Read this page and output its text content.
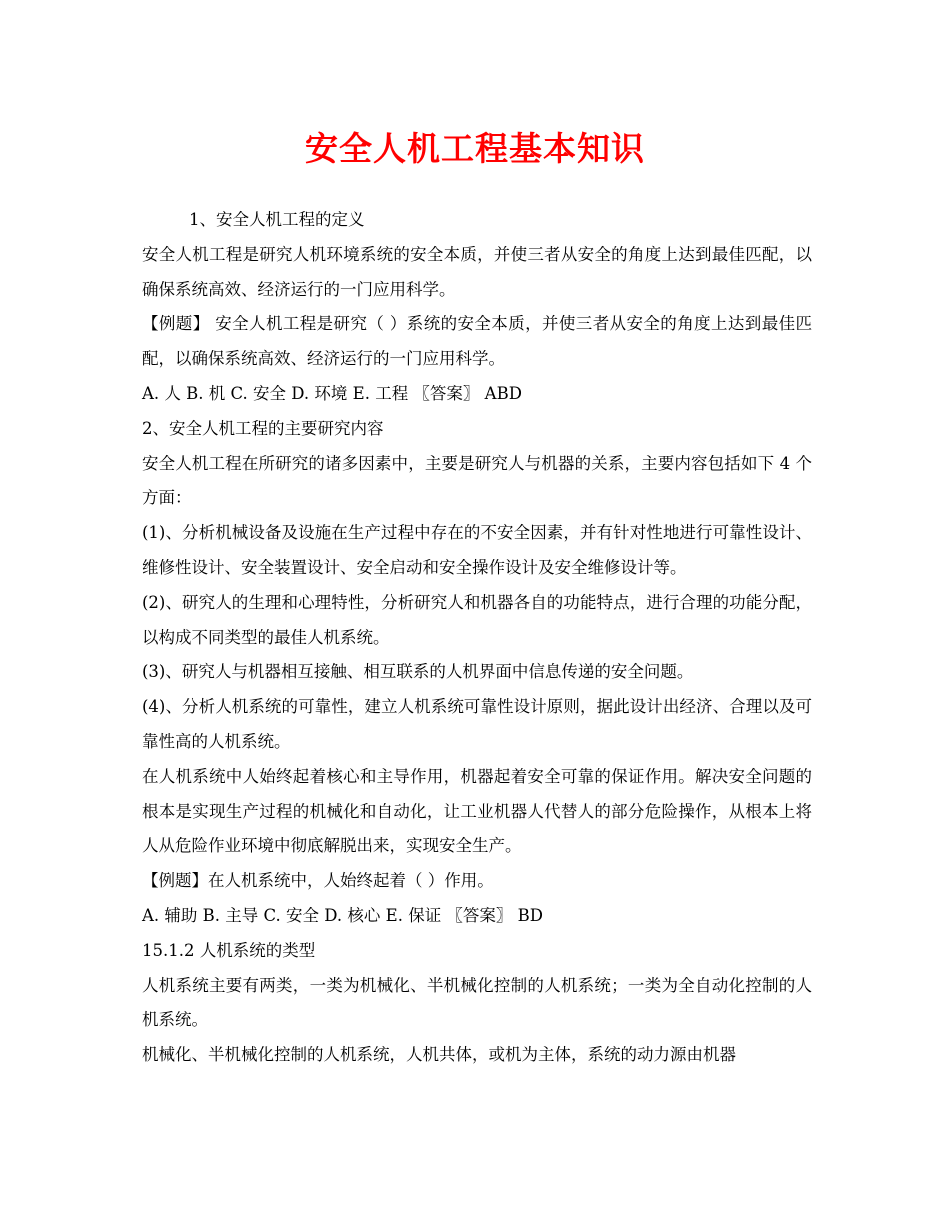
安全人机工程基本知识

1、安全人机工程的定义

安全人机工程是研究人机环境系统的安全本质，并使三者从安全的角度上达到最佳匹配，以确保系统高效、经济运行的一门应用科学。

【例题】 安全人机工程是研究（ ）系统的安全本质，并使三者从安全的角度上达到最佳匹配，以确保系统高效、经济运行的一门应用科学。

A. 人 B. 机 C. 安全 D. 环境 E. 工程 〖答案〗 ABD

2、安全人机工程的主要研究内容

安全人机工程在所研究的诸多因素中，主要是研究人与机器的关系，主要内容包括如下 4 个方面：

(1)、分析机械设备及设施在生产过程中存在的不安全因素，并有针对性地进行可靠性设计、维修性设计、安全装置设计、安全启动和安全操作设计及安全维修设计等。

(2)、研究人的生理和心理特性，分析研究人和机器各自的功能特点，进行合理的功能分配，以构成不同类型的最佳人机系统。

(3)、研究人与机器相互接触、相互联系的人机界面中信息传递的安全问题。

(4)、分析人机系统的可靠性，建立人机系统可靠性设计原则，据此设计出经济、合理以及可靠性高的人机系统。

在人机系统中人始终起着核心和主导作用，机器起着安全可靠的保证作用。解决安全问题的根本是实现生产过程的机械化和自动化，让工业机器人代替人的部分危险操作，从根本上将人从危险作业环境中彻底解脱出来，实现安全生产。

【例题】在人机系统中，人始终起着（ ）作用。

A. 辅助 B. 主导 C. 安全 D. 核心 E. 保证 〖答案〗 BD

15.1.2 人机系统的类型

人机系统主要有两类，一类为机械化、半机械化控制的人机系统；一类为全自动化控制的人机系统。

机械化、半机械化控制的人机系统，人机共体，或机为主体，系统的动力源由机器
